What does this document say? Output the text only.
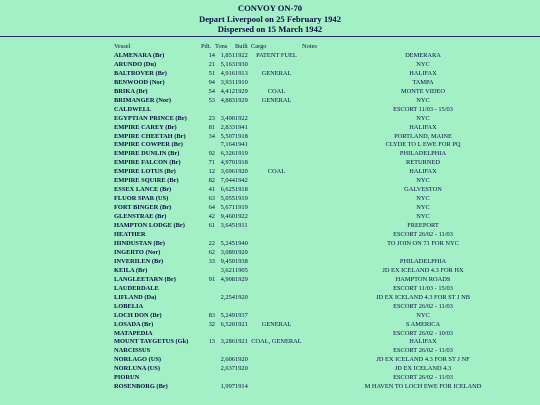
CONVOY ON-70
Depart Liverpool on 25 February 1942
Dispersed on 15 March 1942
Vessel	Pdt.	Tons	Built	Cargo	Notes
ALMENARA (Br)	14	1,851	1922	PATENT FUEL	DEMERARA
ARUNDO (Du)	21	5,163	1930		NYC
BALTROVER (Br)	51	4,916	1913	GENERAL	HALIFAX
BENWOOD (Nor)	94	3,931	1910		TAMPA
BRIKA (Br)	54	4,412	1929	COAL	MONTE VIDEO
BRIMANGER (Nor)	53	4,883	1929	GENERAL	NYC
CALDWELL					ESCORT 11/03 - 15/03
EGYPTIAN PRINCE (Br)	23	3,490	1922		NYC
EMPIRE CAREY (Br)	81	2,833	1941		HALIFAX
EMPIRE CHEETAH (Br)	34	5,507	1918		PORTLAND, MAINE
EMPIRE COWPER (Br)		7,164	1941		CLYDE TO L EWE FOR PQ
EMPIRE DUNLIN (Br)	92	6,326	1919		PHILADELPHIA
EMPIRE FALCON (Br)	71	4,970	1918		RETURNED
EMPIRE LOTUS (Br)	12	3,696	1920	COAL	HALIFAX
EMPIRE SQUIRE (Br)	82	7,044	1942		NYC
ESSEX LANCE (Br)	41	6,625	1918		GALVESTON
FLUOR SPAR (US)	63	5,055	1919		NYC
FORT BINGER (Br)	64	5,671	1919		NYC
GLENSTRAE (Br)	42	9,460	1922		NYC
HAMPTON LODGE (Br)	61	3,645	1911		FREEPORT
HEATHER					ESCORT 26/02 - 11/03
HINDUSTAN (Br)	22	5,245	1940		TO JOIN ON 71 FOR NYC
INGERTO (Nor)	62	3,089	1920		
INVERILEN (Br)	33	9,450	1938		PHILADELPHIA
KEILA (Br)		3,621	1905		JD EX ICELAND 4.3 FOR HX
LANGLEETARN (Br)	91	4,908	1929		HAMPTON ROADS
LAUDERDALE					ESCORT 11/03 - 15/03
LIFLAND (Da)		2,254	1920		JD EX ICELAND 4.3 FOR ST J NB
LOBELIA					ESCORT 26/02 - 11/03
LOCH DON (Br)	83	5,249	1937		NYC
LOSADA (Br)	32	6,520	1921	GENERAL	S AMERICA
MATAPEDIA					ESCORT 26/02 - 10/03
MOUNT TAYGETUS (Gk)	13	3,286	1921	COAL, GENERAL	HALIFAX
NARCISSUS					ESCORT 26/02 - 11/03
NORLAGO (US)		2,606	1920		JD EX ICELAND 4.3 FOR ST J NF
NORLUNA (US)		2,637	1920		JD EX ICELAND 4.3
PIORUN					ESCORT 26/02 - 11/03
ROSENBORG (Br)		1,997	1914		M HAVEN TO LOCH EWE FOR ICELAND
